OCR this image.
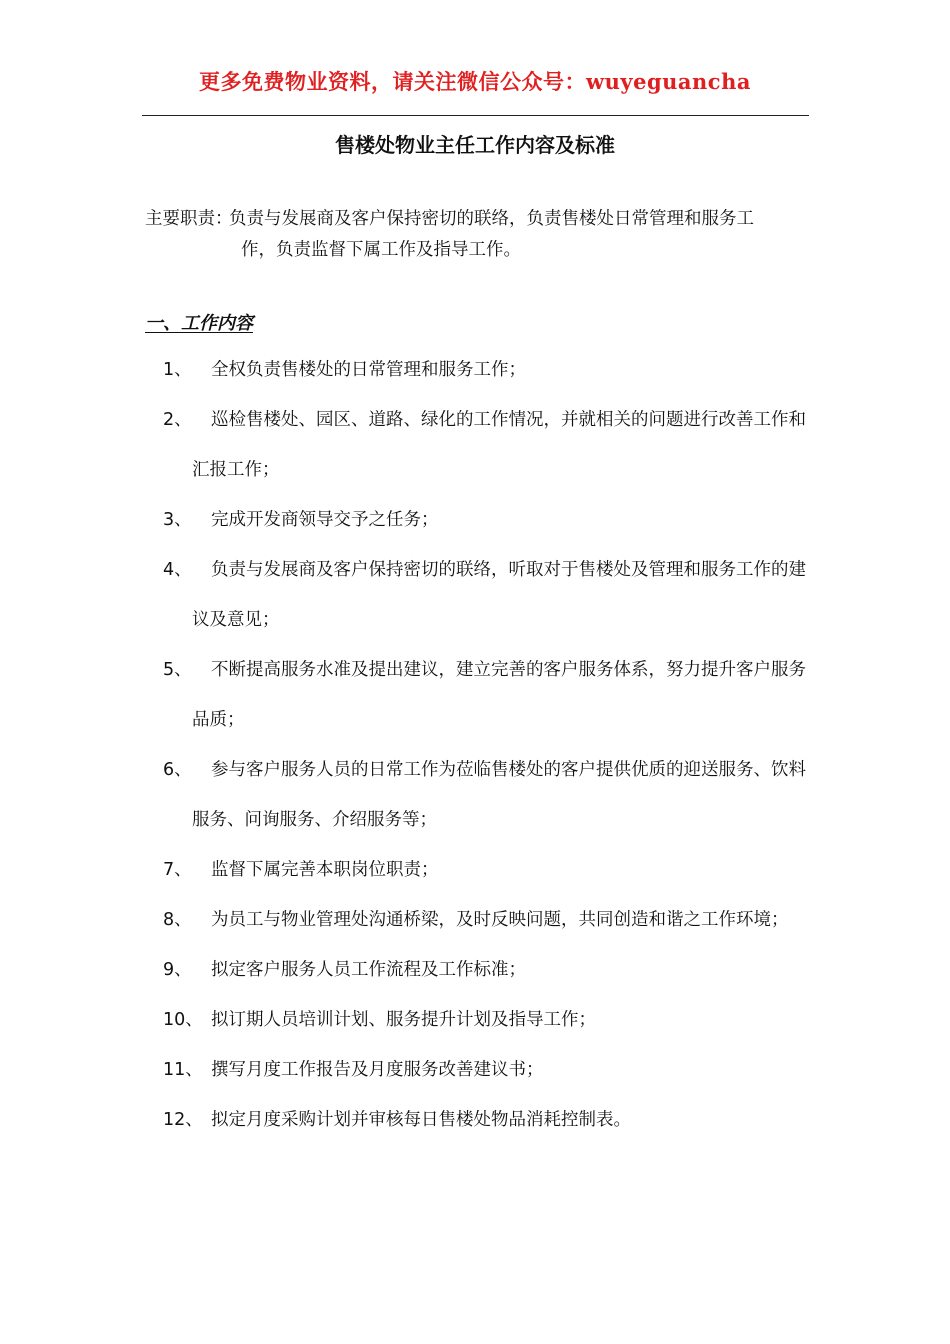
更多免费物业资料，请关注微信公众号：wuyeguancha
售楼处物业主任工作内容及标准
主要职责：
负责与发展商及客户保持密切的联络，负责售楼处日常管理和服务工
作，负责监督下属工作及指导工作。
一、工作内容
1、	全权负责售楼处的日常管理和服务工作；
2、	巡检售楼处、园区、道路、绿化的工作情况，并就相关的问题进行改善工作和汇报工作；
3、	完成开发商领导交予之任务；
4、	负责与发展商及客户保持密切的联络，听取对于售楼处及管理和服务工作的建议及意见；
5、	不断提高服务水准及提出建议，建立完善的客户服务体系，努力提升客户服务品质；
6、	参与客户服务人员的日常工作为莅临售楼处的客户提供优质的迎送服务、饮料服务、问询服务、介绍服务等；
7、	监督下属完善本职岗位职责；
8、	为员工与物业管理处沟通桥梁，及时反映问题，共同创造和谐之工作环境；
9、	拟定客户服务人员工作流程及工作标准；
10、 拟订期人员培训计划、服务提升计划及指导工作；
11、 撰写月度工作报告及月度服务改善建议书；
12、 拟定月度采购计划并审核每日售楼处物品消耗控制表。
